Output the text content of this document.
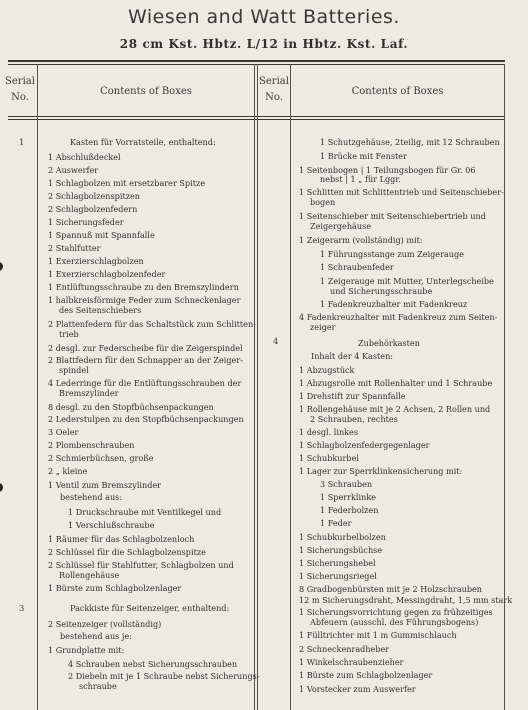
Wiesen and Watt Batteries.
28 cm Kst. Hbtz. L/12 in Hbtz. Kst. Laf.
Serial
No.
Contents of Boxes
Serial
No.
Contents of Boxes
1
3
4
Kasten für Vorratsteile, enthaltend:
1 Abschlußdeckel
2 Auswerfer
1 Schlagbolzen mit ersetzbarer Spitze
2 Schlagbolzenspitzen
2 Schlagbolzenfedern
1 Sicherungsfeder
1 Spannuß mit Spannfalle
2 Stahlfutter
1 Exerzierschlagbolzen
1 Exerzierschlagbolzenfeder
1 Entlüftungsschraube zu den Bremszylindern
1 halbkreisförmige Feder zum Schneckenlager
des Seitenschiebers
2 Plattenfedern für das Schaltstück zum Schlitten-
trieb
2 desgl. zur Federscheibe für die Zeigerspindel
2 Blattfedern für den Schnapper an der Zeiger-
spindel
4 Lederringe für die Entlüftungsschrauben der
Bremszylinder
8 desgl. zu den Stopfbüchsenpackungen
2 Lederstulpen zu den Stopfbüchsenpackungen
3 Oeler
2 Plombenschrauben
2 Schmierbüchsen, große
2 „ kleine
1 Ventil zum Bremszylinder
bestehend aus:
1 Druckschraube mit Ventilkegel und
1 Verschlußschraube
1 Räumer für das Schlagbolzenloch
2 Schlüssel für die Schlagbolzenspitze
2 Schlüssel für Stahlfutter, Schlagbolzen und
Rollengehäuse
1 Bürste zum Schlagbolzenlager
Packkiste für Seitenzeiger, enthaltend:
2 Seitenzeiger (vollständig)
bestehend aus je:
1 Grundplatte mit:
4 Schrauben nebst Sicherungsschrauben
2 Diebeln mit je 1 Schraube nebst Sicherungs-
schraube
1 Schutzgehäuse, 2teilig, mit 12 Schrauben
1 Brücke mit Fenster
1 Seitenbogen | 1 Teilungsbogen für Gr. 06
nebst | 1 „ für Lggr.
1 Schlitten mit Schlittentrieb und Seitenschieber-
bogen
1 Seitenschieber mit Seitenschiebertrieb und
Zeigergehäuse
1 Zeigerarm (vollständig) mit:
1 Führungsstange zum Zeigerauge
1 Schraubenfeder
1 Zeigerauge mit Mutter, Unterlegscheibe
und Sicherungsschraube
1 Fadenkreuzhalter mit Fadenkreuz
4 Fadenkreuzhalter mit Fadenkreuz zum Seiten-
zeiger
Zubehörkasten
Inhalt der 4 Kasten:
1 Abzugstück
1 Abzugsrolle mit Rollenhalter und 1 Schraube
1 Drehstift zur Spannfalle
1 Rollengehäuse mit je 2 Achsen, 2 Rollen und
2 Schrauben, rechtes
1 desgl. linkes
1 Schlagbolzenfedergegenlager
1 Schubkurbel
1 Lager zur Sperrklinkensicherung mit:
3 Schrauben
1 Sperrklinke
1 Federbolzen
1 Feder
1 Schubkurbelbolzen
1 Sicherungsbüchse
1 Sicherungshebel
1 Sicherungsriegel
8 Gradbogenbürsten mit je 2 Holzschrauben
12 m Sicherungsdraht, Messingdraht, 1,5 mm stark
1 Sicherungsvorrichtung gegen zu frühzeitiges
Abfeuern (ausschl. des Führungsbogens)
1 Fülltrichter mit 1 m Gummischlauch
2 Schneckenradheber
1 Winkelschraubenzieher
1 Bürste zum Schlagbolzenlager
1 Vorstecker zum Auswerfer
